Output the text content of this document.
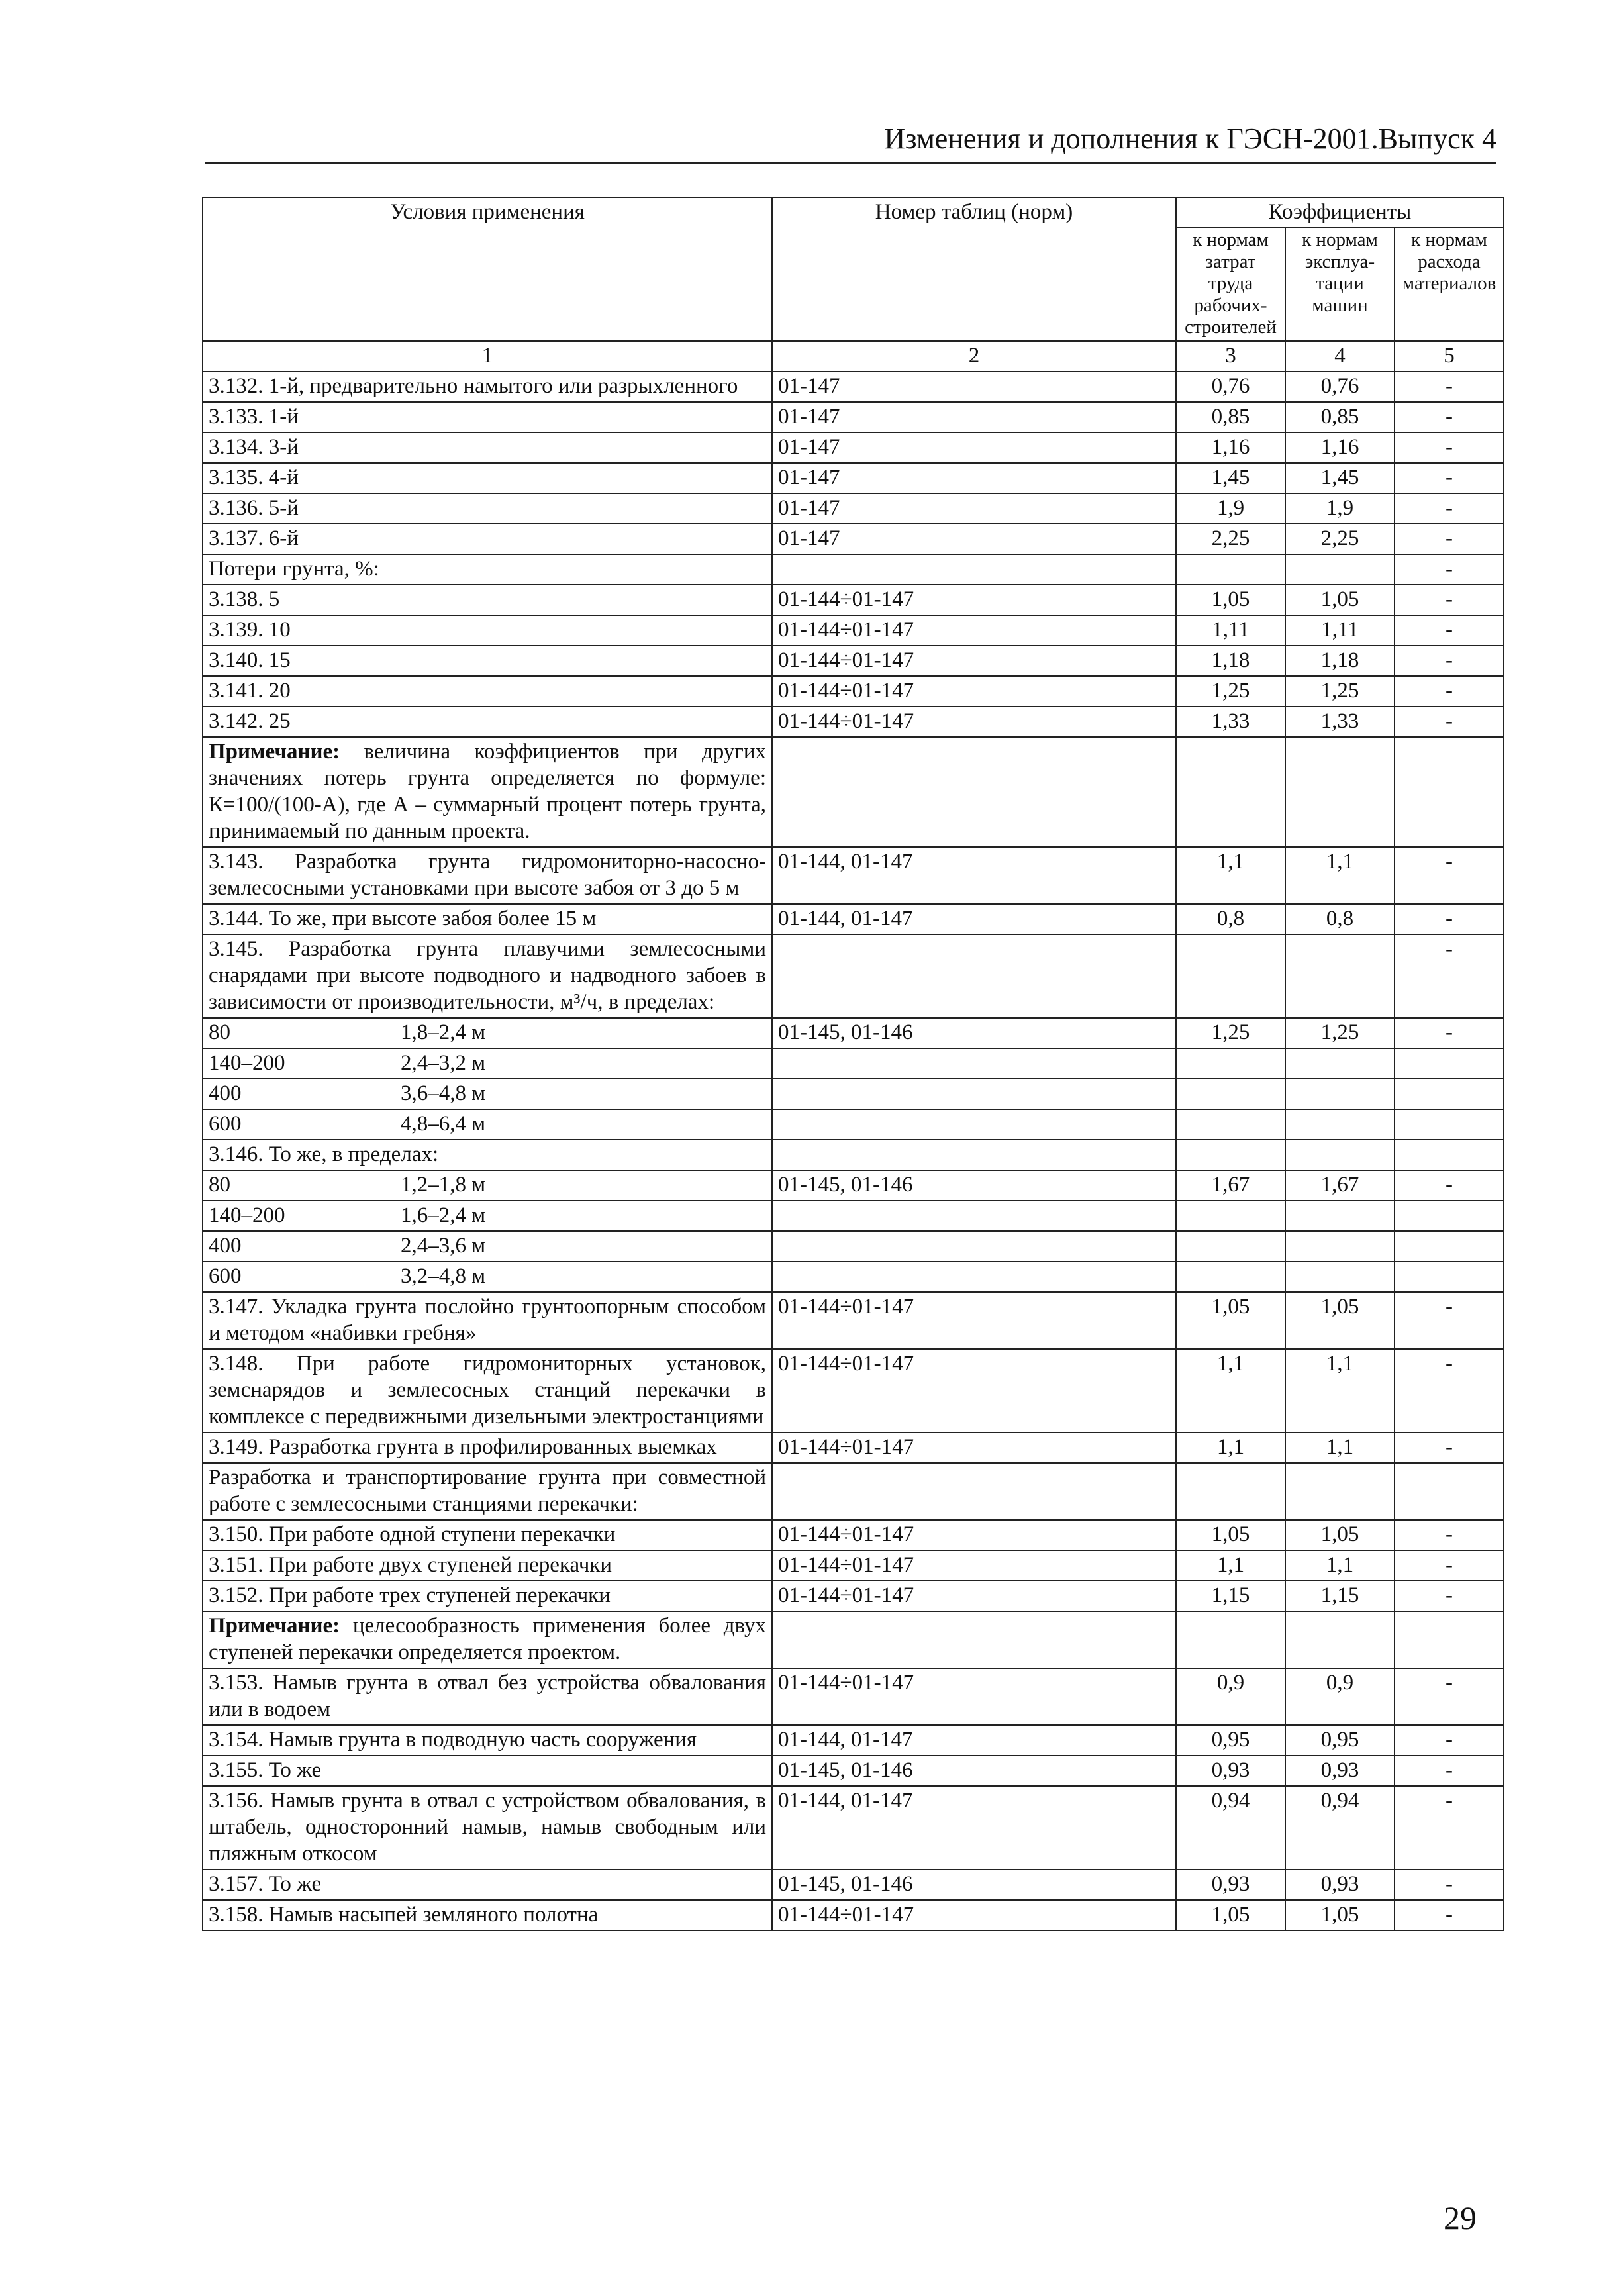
Изменения и дополнения к ГЭСН-2001.Выпуск 4
Условия применения	Номер таблиц (норм)	Коэффициенты		
		к нормам затрат труда рабочих-строителей	к нормам эксплуа-тации машин	к нормам расхода материалов
1	2	3	4	5
3.132. 1-й, предварительно намытого или разрыхленного	01-147	0,76	0,76	-
3.133. 1-й	01-147	0,85	0,85	-
3.134. 3-й	01-147	1,16	1,16	-
3.135. 4-й	01-147	1,45	1,45	-
3.136. 5-й	01-147	1,9	1,9	-
3.137. 6-й	01-147	2,25	2,25	-
Потери грунта, %:				-
3.138. 5	01-144÷01-147	1,05	1,05	-
3.139. 10	01-144÷01-147	1,11	1,11	-
3.140. 15	01-144÷01-147	1,18	1,18	-
3.141. 20	01-144÷01-147	1,25	1,25	-
3.142. 25	01-144÷01-147	1,33	1,33	-
Примечание: величина коэффициентов при других значениях потерь грунта определяется по формуле: К=100/(100-А), где А – суммарный процент потерь грунта, принимаемый по данным проекта.				
3.143. Разработка грунта гидромониторно-насосно-землесосными установками при высоте забоя от 3 до 5 м	01-144, 01-147	1,1	1,1	-
3.144. То же, при высоте забоя более 15 м	01-144, 01-147	0,8	0,8	-
3.145. Разработка грунта плавучими землесосными снарядами при высоте подводного и надводного забоев в зависимости от производительности, м³/ч, в пределах:				-

80 1,8–2,4 м	01-145, 01-146	1,25	1,25	-

140–200 2,4–3,2 м				

400 3,6–4,8 м				

600 4,8–6,4 м				

3.146. То же, в пределах:				

80 1,2–1,8 м	01-145, 01-146	1,67	1,67	-

140–200 1,6–2,4 м				

400 2,4–3,6 м				

600 3,2–4,8 м				

3.147. Укладка грунта послойно грунтоопорным способом и методом «набивки гребня»	01-144÷01-147	1,05	1,05	-
3.148. При работе гидромониторных установок, земснарядов и землесосных станций перекачки в комплексе с передвижными дизельными электростанциями	01-144÷01-147	1,1	1,1	-
3.149. Разработка грунта в профилированных выемках	01-144÷01-147	1,1	1,1	-
Разработка и транспортирование грунта при совместной работе с землесосными станциями перекачки:				
3.150. При работе одной ступени перекачки	01-144÷01-147	1,05	1,05	-
3.151. При работе двух ступеней перекачки	01-144÷01-147	1,1	1,1	-
3.152. При работе трех ступеней перекачки	01-144÷01-147	1,15	1,15	-
Примечание: целесообразность применения более двух ступеней перекачки определяется проектом.				
3.153. Намыв грунта в отвал без устройства обвалования или в водоем	01-144÷01-147	0,9	0,9	-
3.154. Намыв грунта в подводную часть сооружения	01-144, 01-147	0,95	0,95	-
3.155. То же	01-145, 01-146	0,93	0,93	-
3.156. Намыв грунта в отвал с устройством обвалования, в штабель, односторонний намыв, намыв свободным или пляжным откосом	01-144, 01-147	0,94	0,94	-
3.157. То же	01-145, 01-146	0,93	0,93	-
3.158. Намыв насыпей земляного полотна	01-144÷01-147	1,05	1,05	-
29
